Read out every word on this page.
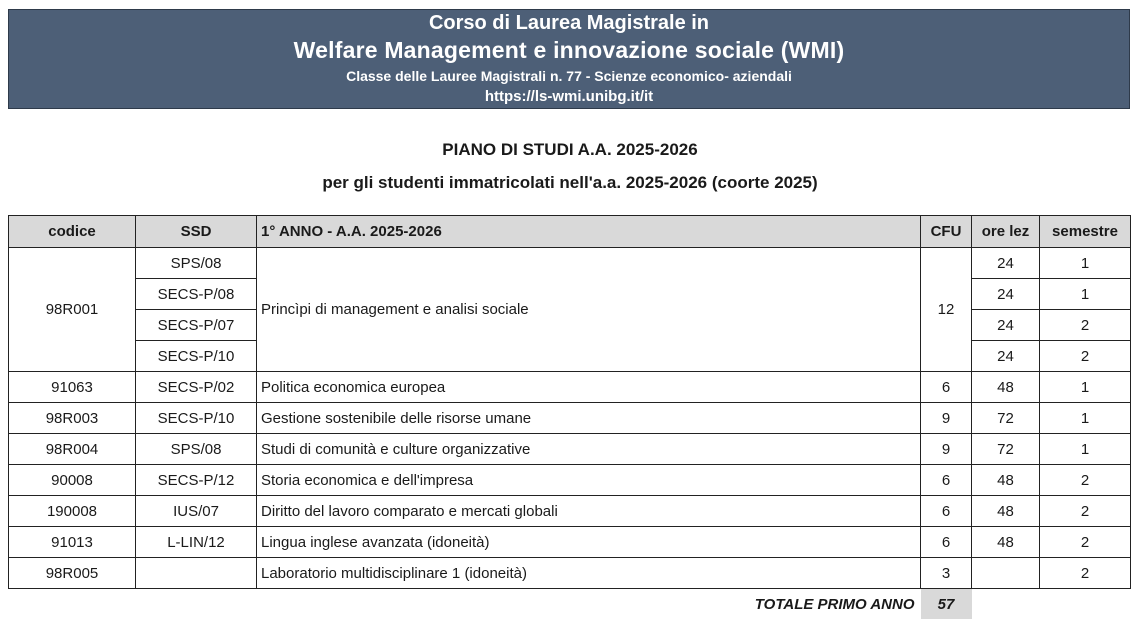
Corso di Laurea Magistrale in
Welfare Management e innovazione sociale (WMI)
Classe delle Lauree Magistrali n. 77 - Scienze economico- aziendali
https://ls-wmi.unibg.it/it
PIANO DI STUDI A.A. 2025-2026
per gli studenti immatricolati nell'a.a. 2025-2026 (coorte 2025)
codice	SSD	1° ANNO - A.A. 2025-2026	CFU	ore lez	semestre
98R001	SPS/08	Princìpi di management e analisi sociale	12	24	1
	SECS-P/08			24	1
	SECS-P/07			24	2
	SECS-P/10			24	2
91063	SECS-P/02	Politica economica europea	6	48	1
98R003	SECS-P/10	Gestione sostenibile delle risorse umane	9	72	1
98R004	SPS/08	Studi di comunità e culture organizzative	9	72	1
90008	SECS-P/12	Storia economica e dell'impresa	6	48	2
190008	IUS/07	Diritto del lavoro comparato e mercati globali	6	48	2
91013	L-LIN/12	Lingua inglese avanzata (idoneità)	6	48	2
98R005		Laboratorio multidisciplinare 1 (idoneità)	3		2
TOTALE PRIMO ANNO			57		
